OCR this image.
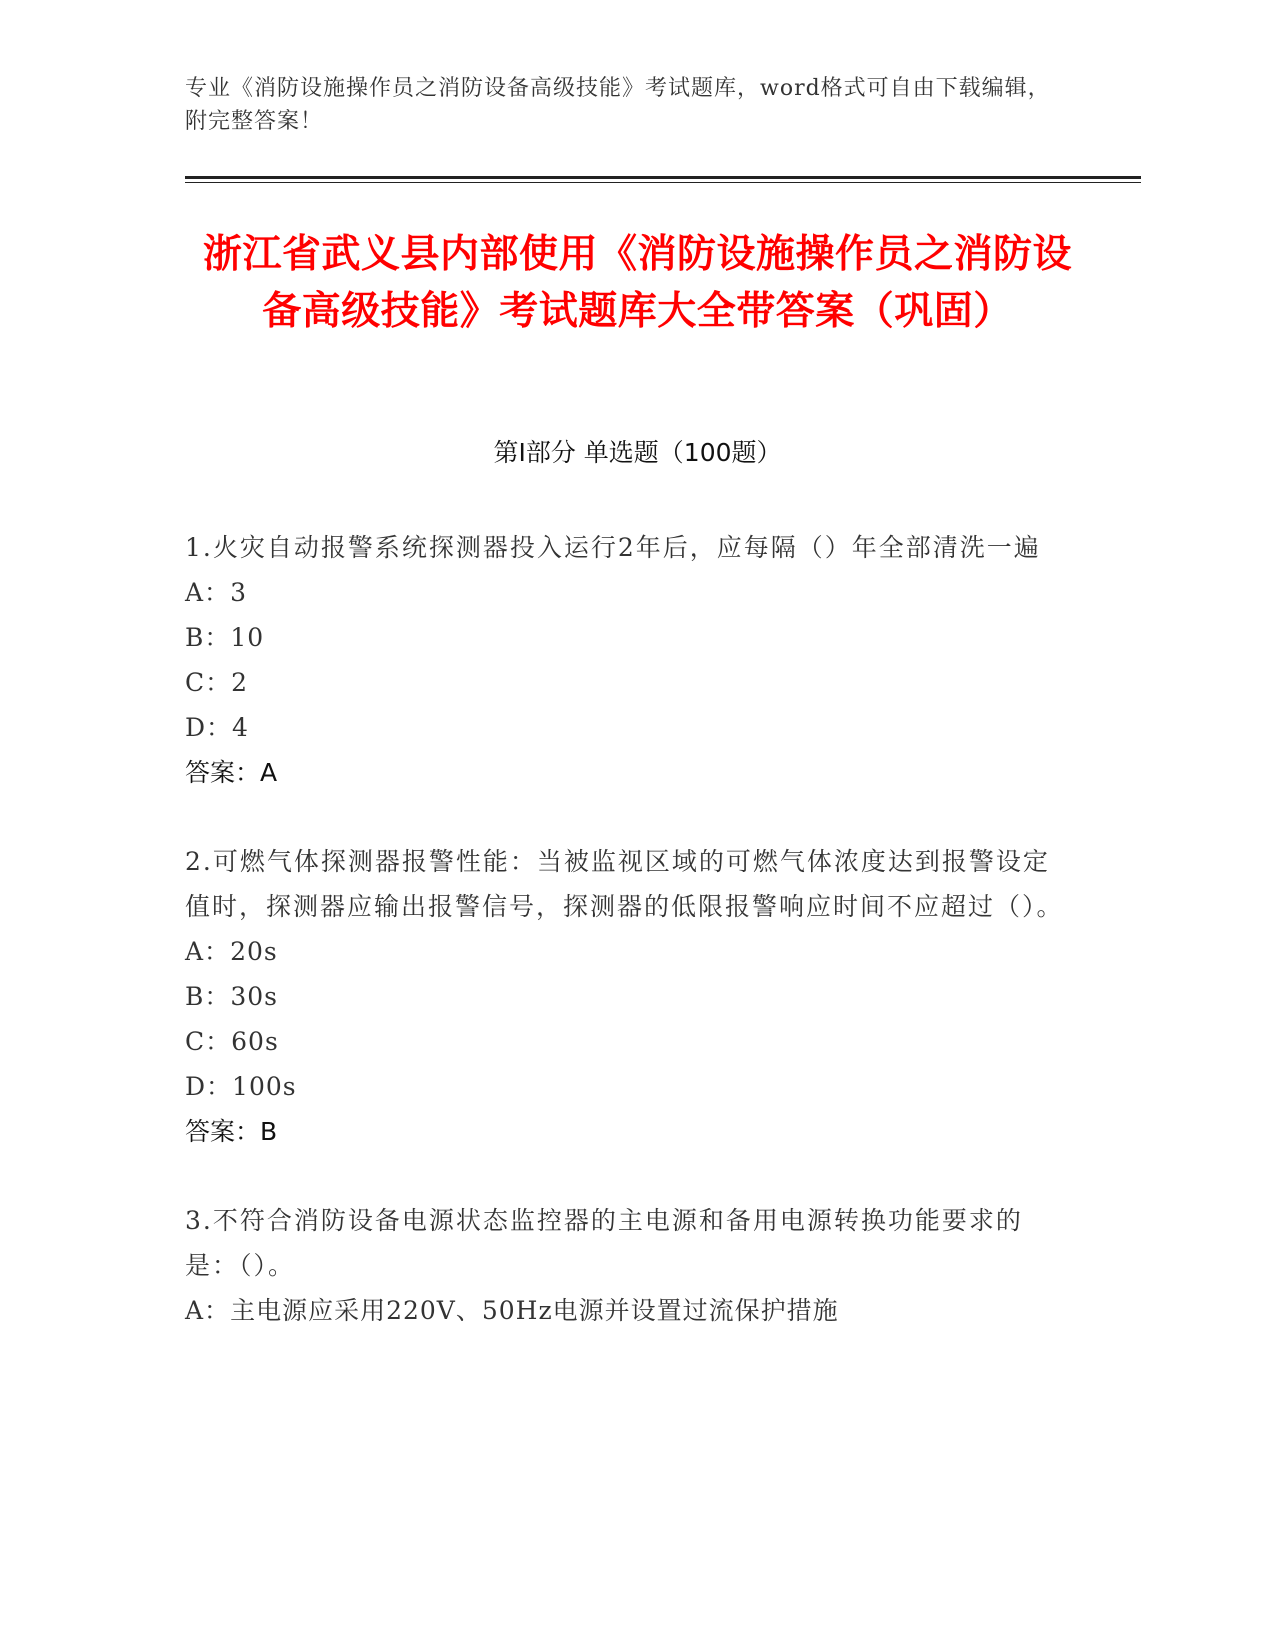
专业《消防设施操作员之消防设备高级技能》考试题库，word格式可自由下载编辑，附完整答案！
浙江省武义县内部使用《消防设施操作员之消防设备高级技能》考试题库大全带答案（巩固）
第I部分 单选题（100题）
1.火灾自动报警系统探测器投入运行2年后，应每隔（）年全部清洗一遍
A：3
B：10
C：2
D：4
答案：A
2.可燃气体探测器报警性能：当被监视区域的可燃气体浓度达到报警设定值时，探测器应输出报警信号，探测器的低限报警响应时间不应超过（）。
A：20s
B：30s
C：60s
D：100s
答案：B
3.不符合消防设备电源状态监控器的主电源和备用电源转换功能要求的是：（）。
A：主电源应采用220V、50Hz电源并设置过流保护措施
